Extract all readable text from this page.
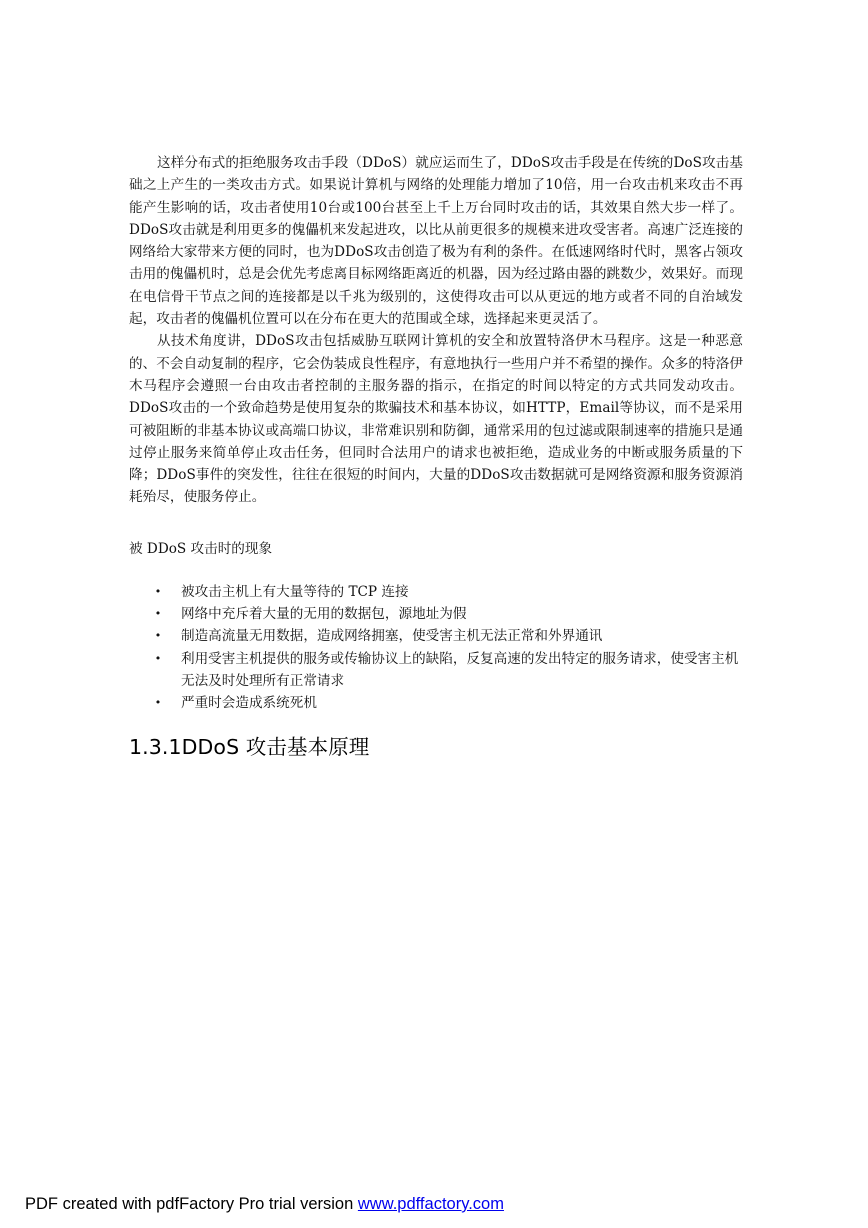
这样分布式的拒绝服务攻击手段（DDoS）就应运而生了，DDoS攻击手段是在传统的DoS攻击基础之上产生的一类攻击方式。如果说计算机与网络的处理能力增加了10倍，用一台攻击机来攻击不再能产生影响的话，攻击者使用10台或100台甚至上千上万台同时攻击的话，其效果自然大步一样了。DDoS攻击就是利用更多的傀儡机来发起进攻，以比从前更很多的规模来进攻受害者。高速广泛连接的网络给大家带来方便的同时，也为DDoS攻击创造了极为有利的条件。在低速网络时代时，黑客占领攻击用的傀儡机时，总是会优先考虑离目标网络距离近的机器，因为经过路由器的跳数少，效果好。而现在电信骨干节点之间的连接都是以千兆为级别的，这使得攻击可以从更远的地方或者不同的自治域发起，攻击者的傀儡机位置可以在分布在更大的范围或全球，选择起来更灵活了。

从技术角度讲，DDoS攻击包括威胁互联网计算机的安全和放置特洛伊木马程序。这是一种恶意的、不会自动复制的程序，它会伪装成良性程序，有意地执行一些用户并不希望的操作。众多的特洛伊木马程序会遵照一台由攻击者控制的主服务器的指示，在指定的时间以特定的方式共同发动攻击。DDoS攻击的一个致命趋势是使用复杂的欺骗技术和基本协议，如HTTP，Email等协议，而不是采用可被阻断的非基本协议或高端口协议，非常难识别和防御，通常采用的包过滤或限制速率的措施只是通过停止服务来简单停止攻击任务，但同时合法用户的请求也被拒绝，造成业务的中断或服务质量的下降；DDoS事件的突发性，往往在很短的时间内，大量的DDoS攻击数据就可是网络资源和服务资源消耗殆尽，使服务停止。

被 DDoS 攻击时的现象

• 被攻击主机上有大量等待的 TCP 连接
• 网络中充斥着大量的无用的数据包，源地址为假
• 制造高流量无用数据，造成网络拥塞，使受害主机无法正常和外界通讯
• 利用受害主机提供的服务或传输协议上的缺陷，反复高速的发出特定的服务请求，使受害主机无法及时处理所有正常请求
• 严重时会造成系统死机
1.3.1DDoS 攻击基本原理
PDF created with pdfFactory Pro trial version www.pdffactory.com
